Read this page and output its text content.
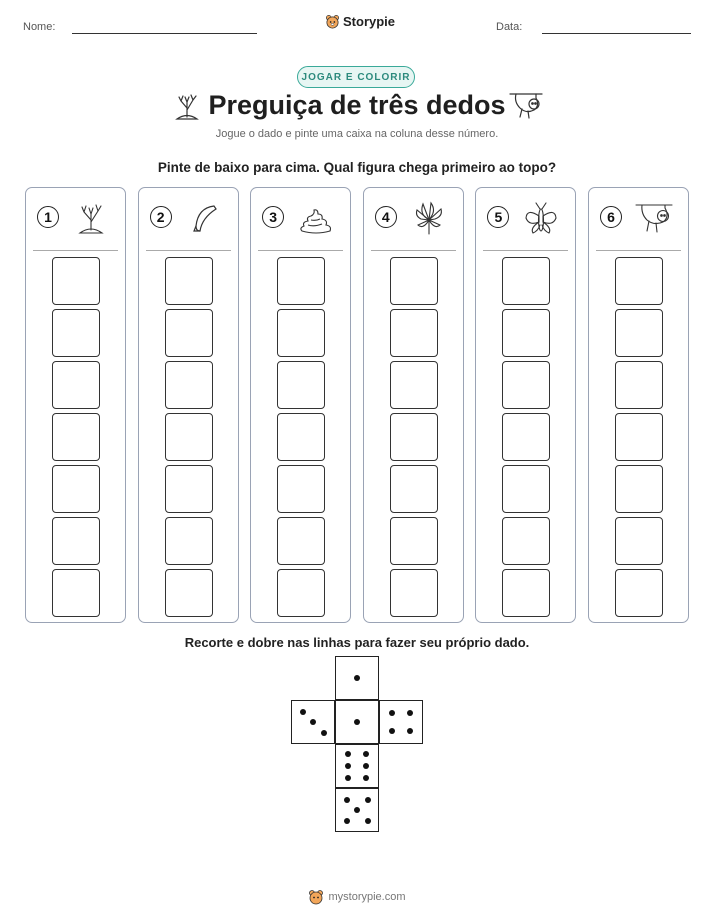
Nome:	Storypie	Data:
JOGAR E COLORIR
Preguiça de três dedos
Jogue o dado e pinte uma caixa na coluna desse número.
Pinte de baixo para cima. Qual figura chega primeiro ao topo?
1	2	3	4	5	6
Recorte e dobre nas linhas para fazer seu próprio dado.
mystorypie.com
